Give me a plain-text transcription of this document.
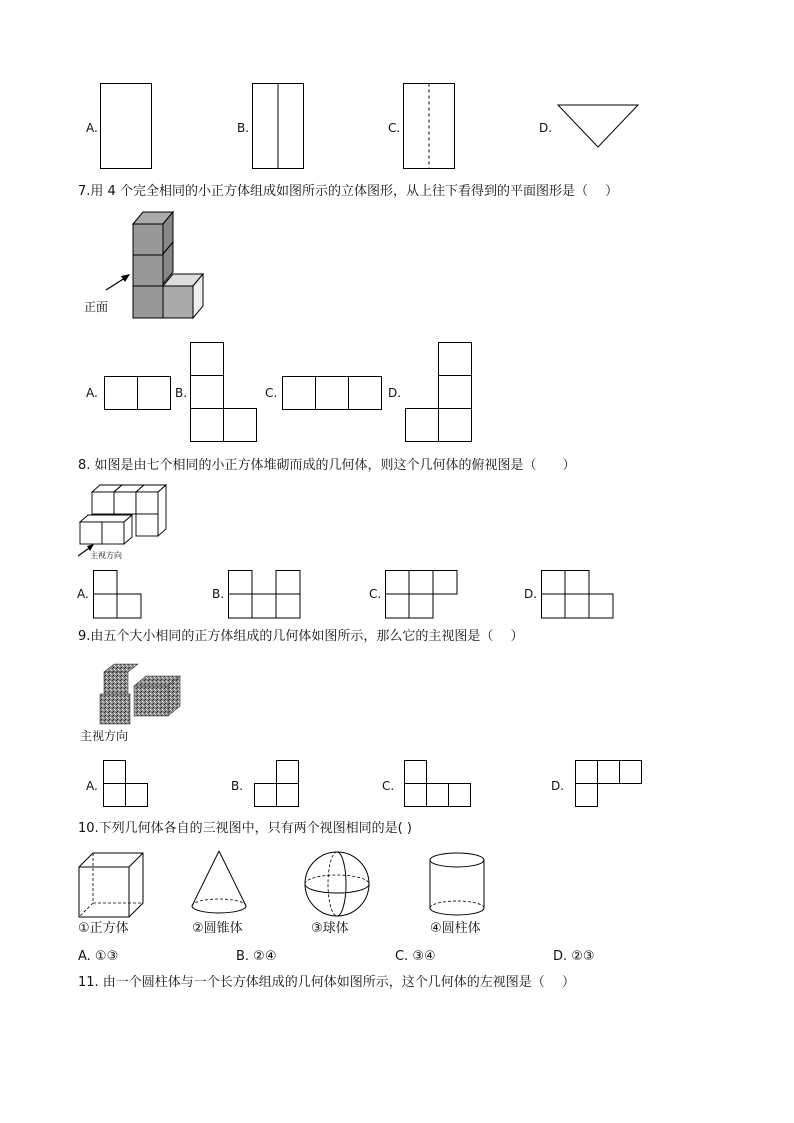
A.	B.	C.	D.
7.用 4 个完全相同的小正方体组成如图所示的立体图形，从上往下看得到的平面图形是（　 ）
正面
A.	B.	C.	D.
8. 如图是由七个相同的小正方体堆砌而成的几何体，则这个几何体的俯视图是（　　）
主视方向
A.	B.	C.	D.
9.由五个大小相同的正方体组成的几何体如图所示，那么它的主视图是（　 ）
主视方向
A.	B.	C.	D.
10.下列几何体各自的三视图中，只有两个视图相同的是( )
①正方体	②圆锥体	③球体	④圆柱体
A. ①③	B. ②④	C. ③④	D. ②③
11. 由一个圆柱体与一个长方体组成的几何体如图所示，这个几何体的左视图是（　 ）
